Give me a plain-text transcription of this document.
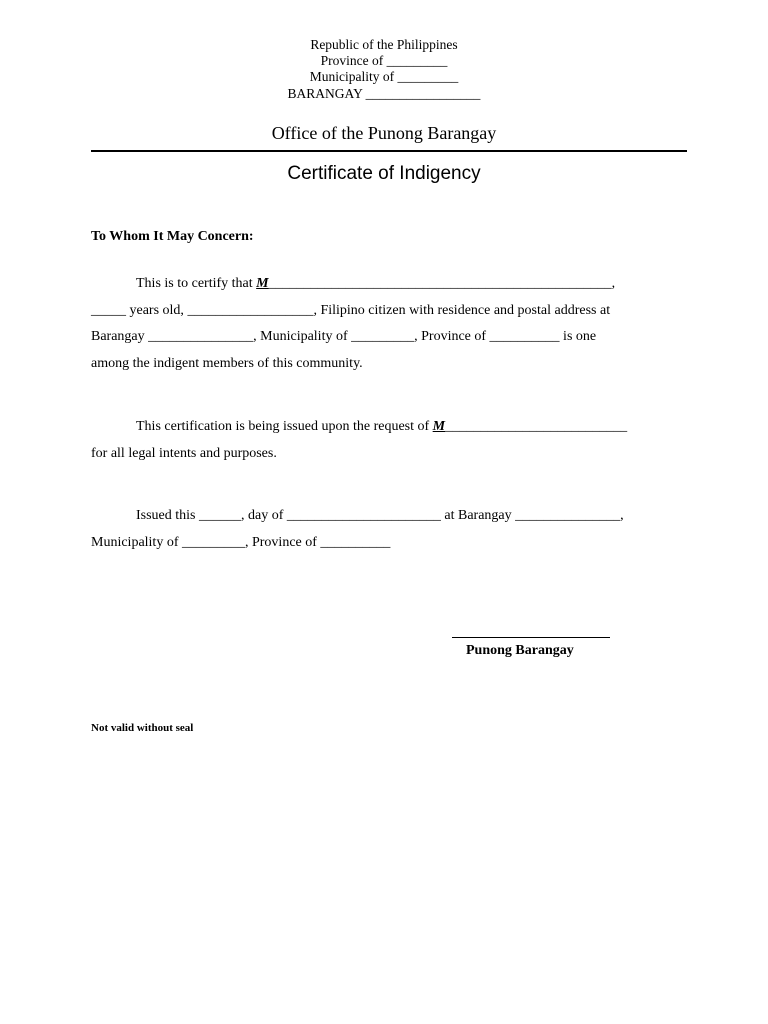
Republic of the Philippines
Province of _________
Municipality of _________
BARANGAY _________________
Office of the Punong Barangay
Certificate of Indigency
To Whom It May Concern:
This is to certify that M_________________________________________________,
_____ years old, __________________, Filipino citizen with residence and postal address at
Barangay _______________, Municipality of _________, Province of __________ is one
among the indigent members of this community.
This certification is being issued upon the request of M__________________________
for all legal intents and purposes.
Issued this ______, day of ______________________ at Barangay _______________,
Municipality of _________, Province of __________
Punong Barangay
Not valid without seal
